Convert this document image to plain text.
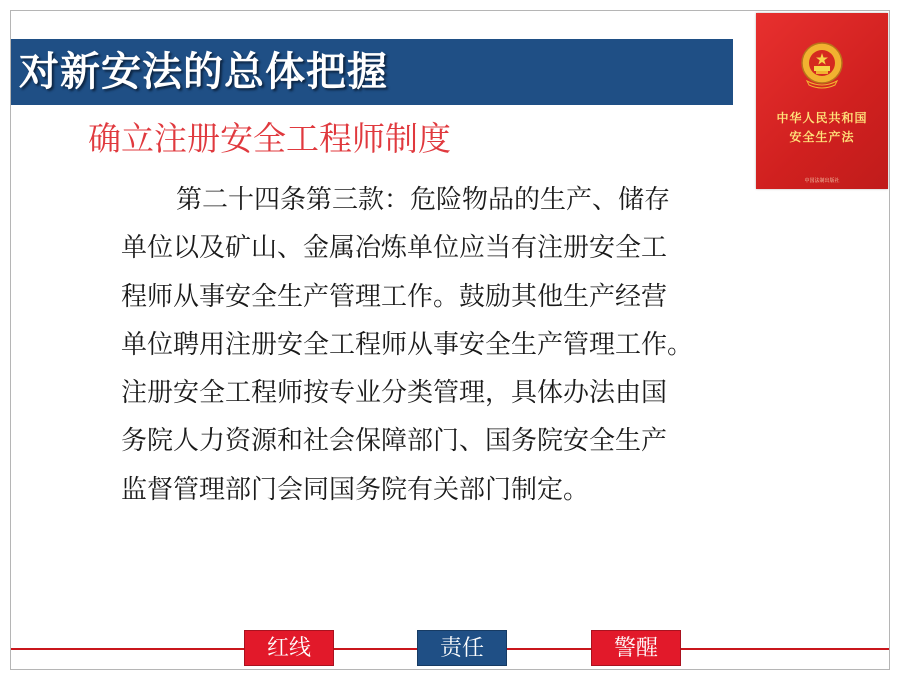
对新安法的总体把握
确立注册安全工程师制度
中华人民共和国
安全生产法
中国法制出版社
第二十四条第三款：危险物品的生产、储存
单位以及矿山、金属冶炼单位应当有注册安全工
程师从事安全生产管理工作。鼓励其他生产经营
单位聘用注册安全工程师从事安全生产管理工作。
注册安全工程师按专业分类管理，具体办法由国
务院人力资源和社会保障部门、国务院安全生产
监督管理部门会同国务院有关部门制定。
红线	责任	警醒
